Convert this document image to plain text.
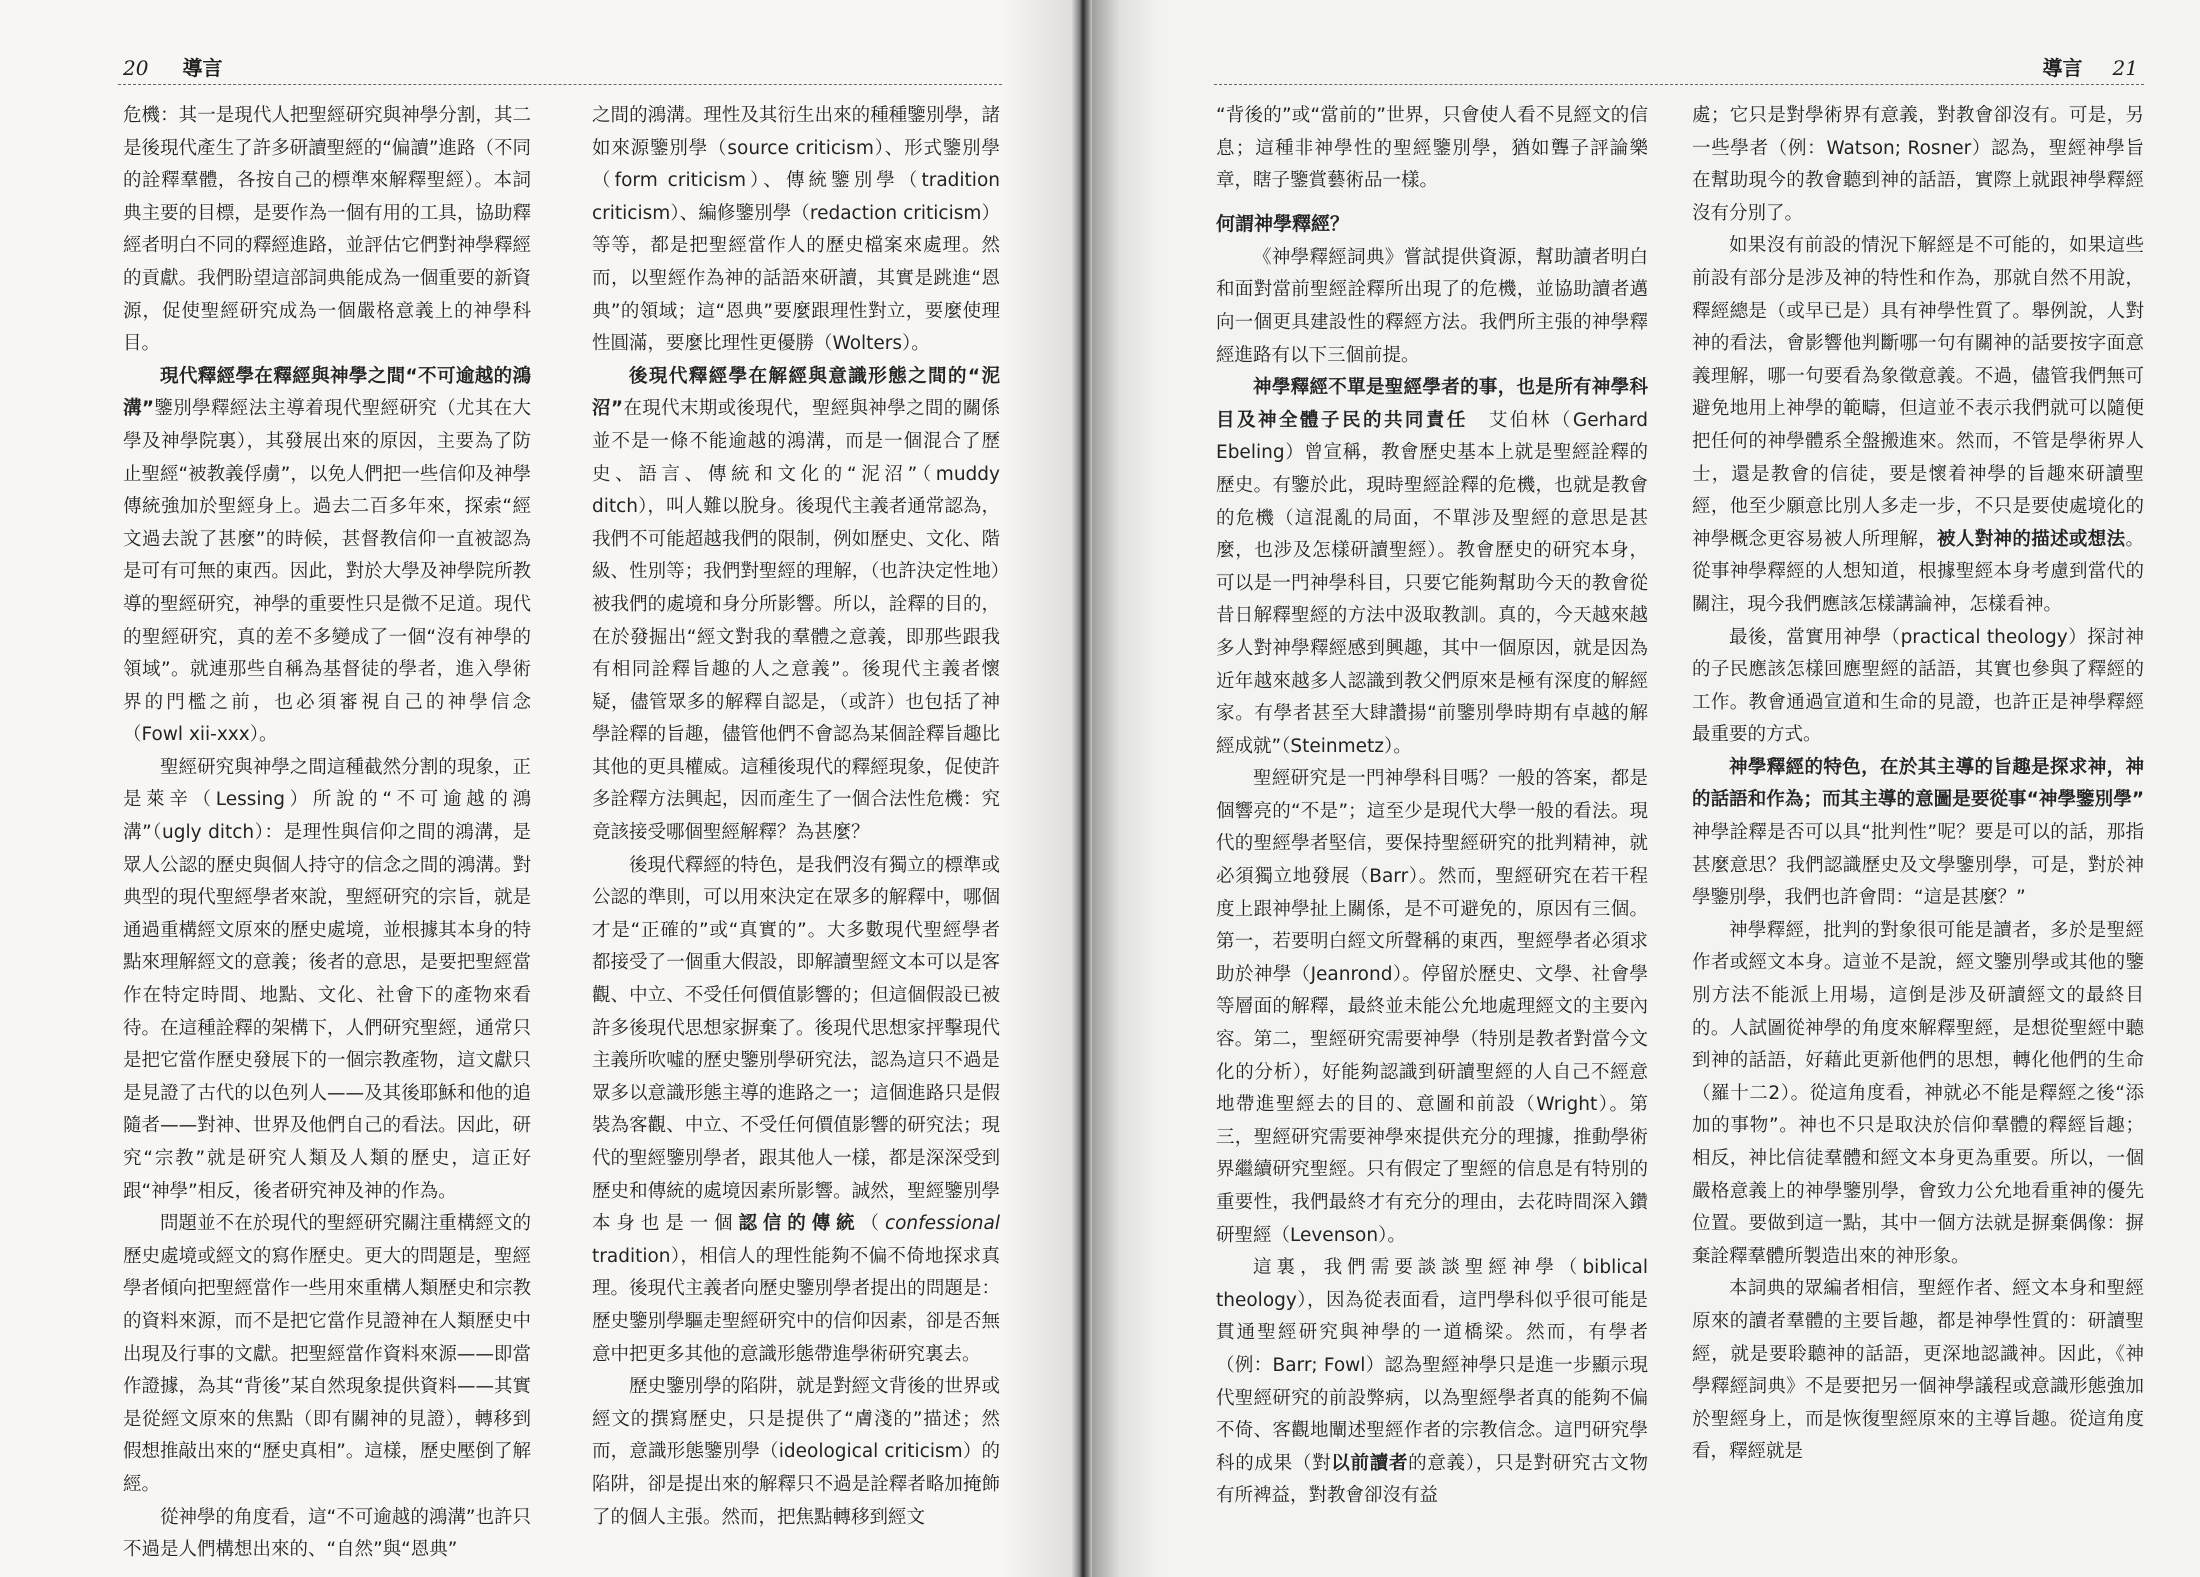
20 導言

危機：其一是現代人把聖經研究與神學分割，其二是後現代產生了許多研讀聖經的“偏讀”進路（不同的詮釋羣體，各按自己的標準來解釋聖經）。本詞典主要的目標，是要作為一個有用的工具，協助釋經者明白不同的釋經進路，並評估它們對神學釋經的貢獻。我們盼望這部詞典能成為一個重要的新資源，促使聖經研究成為一個嚴格意義上的神學科目。

現代釋經學在釋經與神學之間“不可逾越的鴻溝”鑒別學釋經法主導着現代聖經研究（尤其在大學及神學院裏），其發展出來的原因，主要為了防止聖經“被教義俘虜”，以免人們把一些信仰及神學傳統強加於聖經身上。過去二百多年來，探索“經文過去說了甚麼”的時候，甚督教信仰一直被認為是可有可無的東西。因此，對於大學及神學院所教導的聖經研究，神學的重要性只是微不足道。現代的聖經研究，真的差不多變成了一個“沒有神學的領域”。就連那些自稱為基督徒的學者，進入學術界的門檻之前，也必須審視自己的神學信念（Fowl xii-xxx）。

聖經研究與神學之間這種截然分割的現象，正是萊辛（Lessing）所說的“不可逾越的鴻溝”（ugly ditch）：是理性與信仰之間的鴻溝，是眾人公認的歷史與個人持守的信念之間的鴻溝。對典型的現代聖經學者來說，聖經研究的宗旨，就是通過重構經文原來的歷史處境，並根據其本身的特點來理解經文的意義；後者的意思，是要把聖經當作在特定時間、地點、文化、社會下的產物來看待。在這種詮釋的架構下，人們研究聖經，通常只是把它當作歷史發展下的一個宗教產物，這文獻只是見證了古代的以色列人——及其後耶穌和他的追隨者——對神、世界及他們自己的看法。因此，研究“宗教”就是研究人類及人類的歷史，這正好跟“神學”相反，後者研究神及神的作為。

問題並不在於現代的聖經研究關注重構經文的歷史處境或經文的寫作歷史。更大的問題是，聖經學者傾向把聖經當作一些用來重構人類歷史和宗教的資料來源，而不是把它當作見證神在人類歷史中出現及行事的文獻。把聖經當作資料來源——即當作證據，為其“背後”某自然現象提供資料——其實是從經文原來的焦點（即有關神的見證），轉移到假想推敲出來的“歷史真相”。這樣，歷史壓倒了解經。

從神學的角度看，這“不可逾越的鴻溝”也許只不過是人們構想出來的、“自然”與“恩典”

之間的鴻溝。理性及其衍生出來的種種鑒別學，諸如來源鑒別學（source criticism）、形式鑒別學（form criticism）、傳統鑒別學（tradition criticism）、編修鑒別學（redaction criticism）等等，都是把聖經當作人的歷史檔案來處理。然而，以聖經作為神的話語來研讀，其實是跳進“恩典”的領域；這“恩典”要麼跟理性對立，要麼使理性圓滿，要麼比理性更優勝（Wolters）。

後現代釋經學在解經與意識形態之間的“泥沼”在現代末期或後現代，聖經與神學之間的關係並不是一條不能逾越的鴻溝，而是一個混合了歷史、語言、傳統和文化的“泥沼”（muddy ditch），叫人難以脫身。後現代主義者通常認為，我們不可能超越我們的限制，例如歷史、文化、階級、性別等；我們對聖經的理解，（也許決定性地）被我們的處境和身分所影響。所以，詮釋的目的，在於發掘出“經文對我的羣體之意義，即那些跟我有相同詮釋旨趣的人之意義”。後現代主義者懷疑，儘管眾多的解釋自認是，（或許）也包括了神學詮釋的旨趣，儘管他們不會認為某個詮釋旨趣比其他的更具權威。這種後現代的釋經現象，促使許多詮釋方法興起，因而產生了一個合法性危機：究竟該接受哪個聖經解釋？為甚麼？

後現代釋經的特色，是我們沒有獨立的標準或公認的準則，可以用來決定在眾多的解釋中，哪個才是“正確的”或“真實的”。大多數現代聖經學者都接受了一個重大假設，即解讀聖經文本可以是客觀、中立、不受任何價值影響的；但這個假設已被許多後現代思想家摒棄了。後現代思想家抨擊現代主義所吹噓的歷史鑒別學研究法，認為這只不過是眾多以意識形態主導的進路之一；這個進路只是假裝為客觀、中立、不受任何價值影響的研究法；現代的聖經鑒別學者，跟其他人一樣，都是深深受到歷史和傳統的處境因素所影響。誠然，聖經鑒別學本身也是一個認信的傳統（confessional tradition），相信人的理性能夠不偏不倚地探求真理。後現代主義者向歷史鑒別學者提出的問題是：歷史鑒別學驅走聖經研究中的信仰因素，卻是否無意中把更多其他的意識形態帶進學術研究裏去。

歷史鑒別學的陷阱，就是對經文背後的世界或經文的撰寫歷史，只是提供了“膚淺的”描述；然而，意識形態鑒別學（ideological criticism）的陷阱，卻是提出來的解釋只不過是詮釋者略加掩飾了的個人主張。然而，把焦點轉移到經文

導言 21

“背後的”或“當前的”世界，只會使人看不見經文的信息；這種非神學性的聖經鑒別學，猶如聾子評論樂章，瞎子鑒賞藝術品一樣。

何謂神學釋經？

《神學釋經詞典》嘗試提供資源，幫助讀者明白和面對當前聖經詮釋所出現了的危機，並協助讀者邁向一個更具建設性的釋經方法。我們所主張的神學釋經進路有以下三個前提。

神學釋經不單是聖經學者的事，也是所有神學科目及神全體子民的共同責任　 艾伯林（Gerhard Ebeling）曾宣稱，教會歷史基本上就是聖經詮釋的歷史。有鑒於此，現時聖經詮釋的危機，也就是教會的危機（這混亂的局面，不單涉及聖經的意思是甚麼，也涉及怎樣研讀聖經）。教會歷史的研究本身，可以是一門神學科目，只要它能夠幫助今天的教會從昔日解釋聖經的方法中汲取教訓。真的，今天越來越多人對神學釋經感到興趣，其中一個原因，就是因為近年越來越多人認識到教父們原來是極有深度的解經家。有學者甚至大肆讚揚“前鑒別學時期有卓越的解經成就”（Steinmetz）。

聖經研究是一門神學科目嗎？一般的答案，都是個響亮的“不是”；這至少是現代大學一般的看法。現代的聖經學者堅信，要保持聖經研究的批判精神，就必須獨立地發展（Barr）。然而，聖經研究在若干程度上跟神學扯上關係，是不可避免的，原因有三個。第一，若要明白經文所聲稱的東西，聖經學者必須求助於神學（Jeanrond）。停留於歷史、文學、社會學等層面的解釋，最終並未能公允地處理經文的主要內容。第二，聖經研究需要神學（特別是教者對當今文化的分析），好能夠認識到研讀聖經的人自己不經意地帶進聖經去的目的、意圖和前設（Wright）。第三，聖經研究需要神學來提供充分的理據，推動學術界繼續研究聖經。只有假定了聖經的信息是有特別的重要性，我們最終才有充分的理由，去花時間深入鑽研聖經（Levenson）。

這裏，我們需要談談聖經神學（biblical theology），因為從表面看，這門學科似乎很可能是貫通聖經研究與神學的一道橋梁。然而，有學者（例：Barr; Fowl）認為聖經神學只是進一步顯示現代聖經研究的前設弊病，以為聖經學者真的能夠不偏不倚、客觀地闡述聖經作者的宗教信念。這門研究學科的成果（對以前讀者的意義），只是對研究古文物有所裨益，對教會卻沒有益

處；它只是對學術界有意義，對教會卻沒有。可是，另一些學者（例：Watson; Rosner）認為，聖經神學旨在幫助現今的教會聽到神的話語，實際上就跟神學釋經沒有分別了。

如果沒有前設的情況下解經是不可能的，如果這些前設有部分是涉及神的特性和作為，那就自然不用說，釋經總是（或早已是）具有神學性質了。舉例說，人對神的看法，會影響他判斷哪一句有關神的話要按字面意義理解，哪一句要看為象徵意義。不過，儘管我們無可避免地用上神學的範疇，但這並不表示我們就可以隨便把任何的神學體系全盤搬進來。然而，不管是學術界人士，還是教會的信徒，要是懷着神學的旨趣來研讀聖經，他至少願意比別人多走一步，不只是要使處境化的神學概念更容易被人所理解，被人對神的描述或想法。從事神學釋經的人想知道，根據聖經本身考慮到當代的關注，現今我們應該怎樣講論神，怎樣看神。

最後，當實用神學（practical theology）探討神的子民應該怎樣回應聖經的話語，其實也參與了釋經的工作。教會通過宣道和生命的見證，也許正是神學釋經最重要的方式。

神學釋經的特色，在於其主導的旨趣是探求神，神的話語和作為；而其主導的意圖是要從事“神學鑒別學”　神學詮釋是否可以具“批判性”呢？要是可以的話，那指甚麼意思？我們認識歷史及文學鑒別學，可是，對於神學鑒別學，我們也許會問：“這是甚麼？”

神學釋經，批判的對象很可能是讀者，多於是聖經作者或經文本身。這並不是說，經文鑒別學或其他的鑒別方法不能派上用場，這倒是涉及研讀經文的最終目的。人試圖從神學的角度來解釋聖經，是想從聖經中聽到神的話語，好藉此更新他們的思想，轉化他們的生命（羅十二2）。從這角度看，神就必不能是釋經之後“添加的事物”。神也不只是取決於信仰羣體的釋經旨趣；相反，神比信徒羣體和經文本身更為重要。所以，一個嚴格意義上的神學鑒別學，會致力公允地看重神的優先位置。要做到這一點，其中一個方法就是摒棄偶像：摒棄詮釋羣體所製造出來的神形象。

本詞典的眾編者相信，聖經作者、經文本身和聖經原來的讀者羣體的主要旨趣，都是神學性質的：研讀聖經，就是要聆聽神的話語，更深地認識神。因此，《神學釋經詞典》不是要把另一個神學議程或意識形態強加於聖經身上，而是恢復聖經原來的主導旨趣。從這角度看，釋經就是
